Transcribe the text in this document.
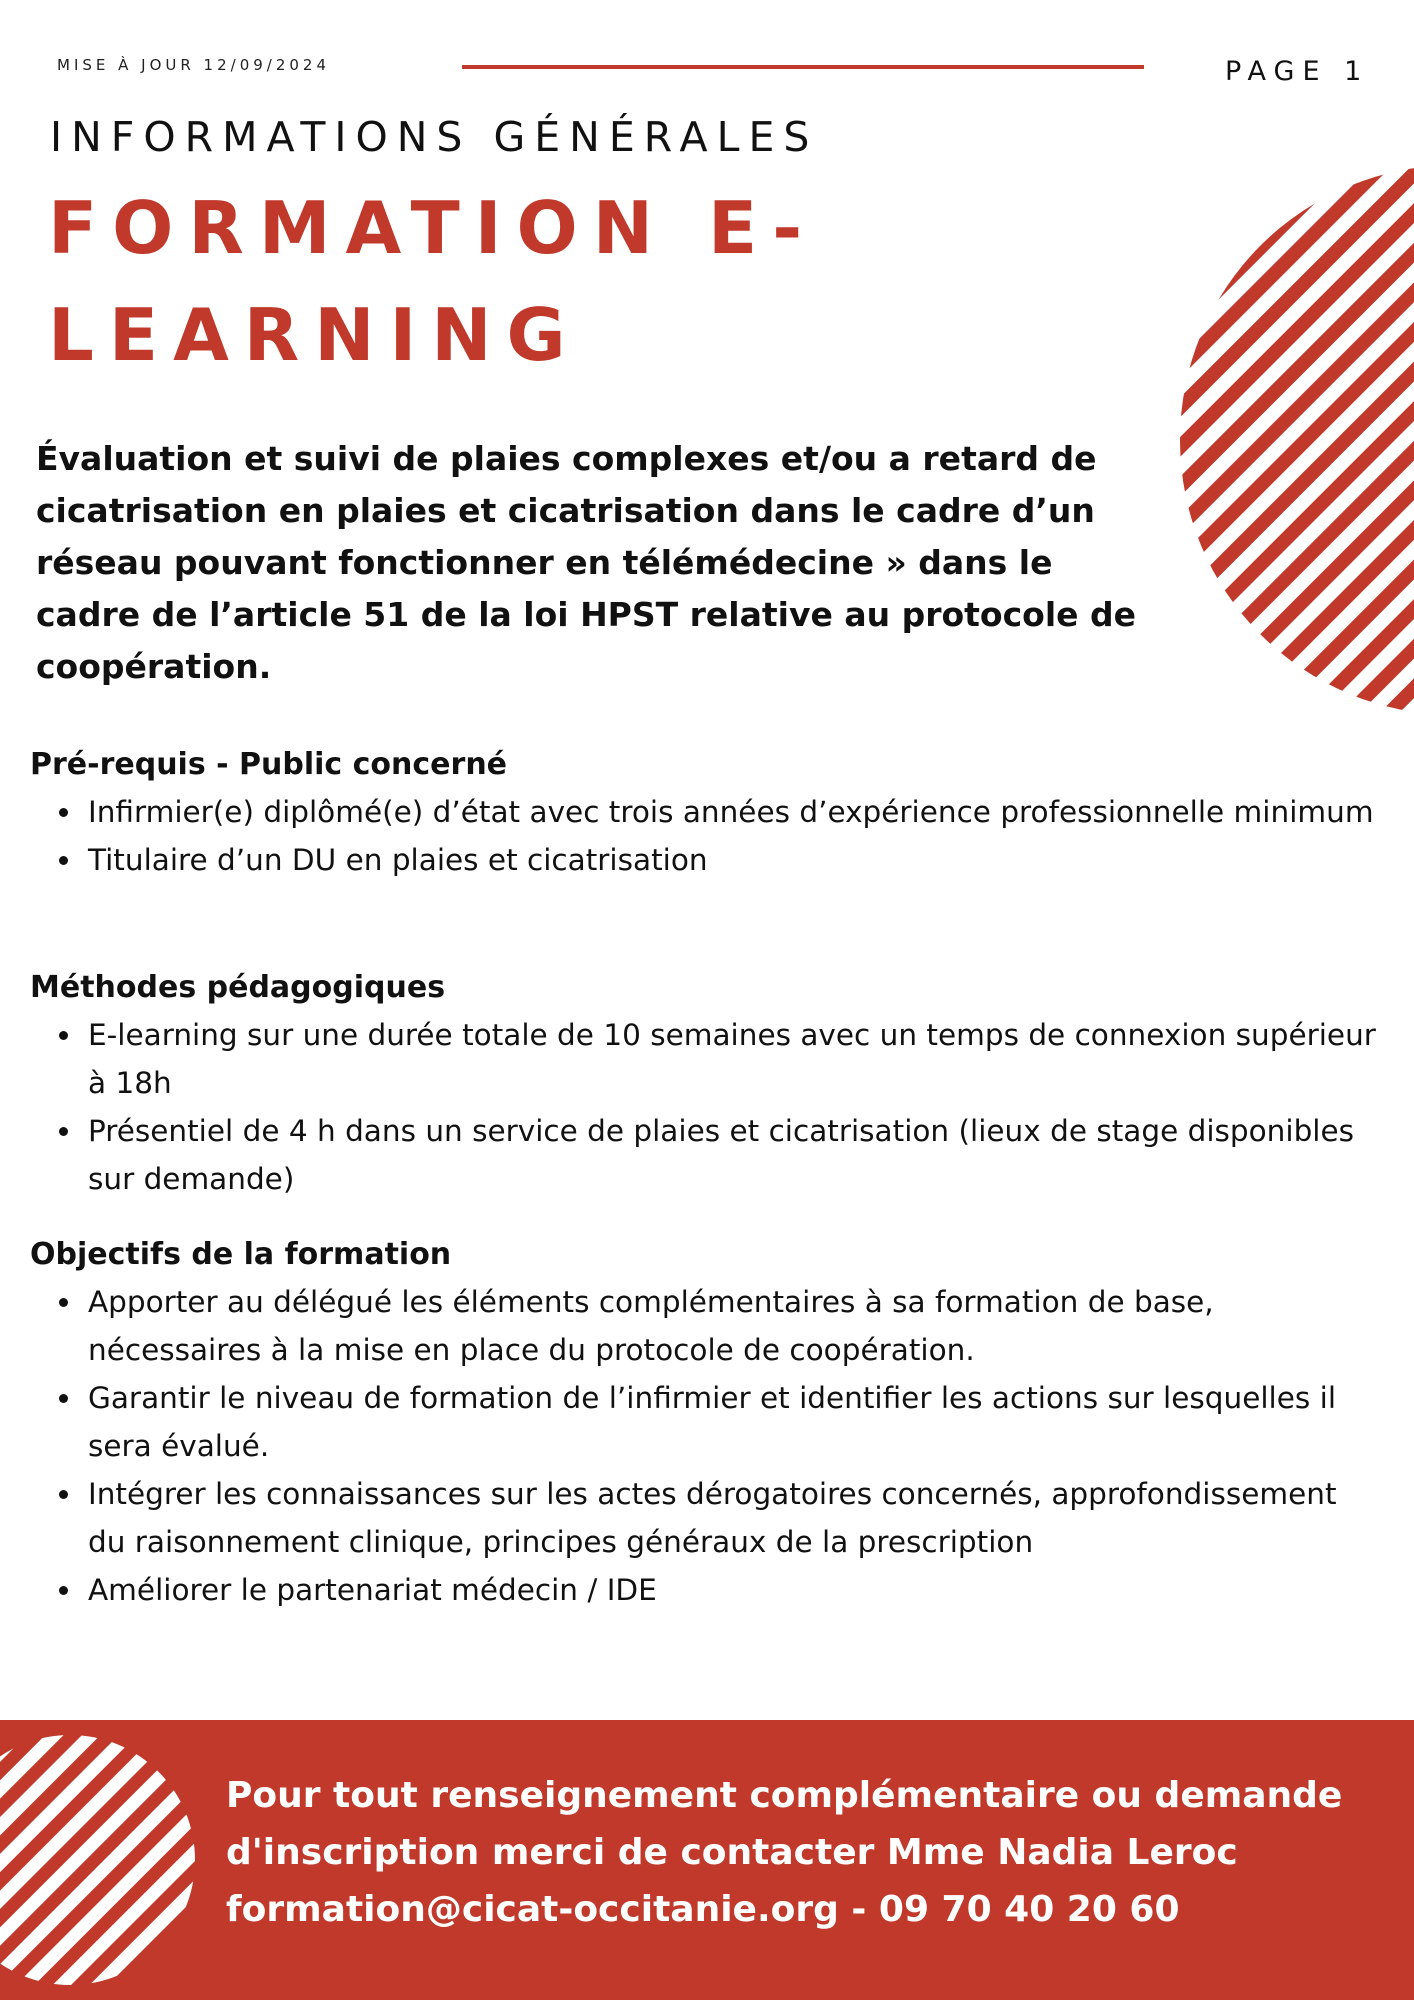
MISE À JOUR 12/09/2024	PAGE 1
INFORMATIONS GÉNÉRALES
FORMATION E-LEARNING

Évaluation et suivi de plaies complexes et/ou a retard de cicatrisation en plaies et cicatrisation dans le cadre d’un réseau pouvant fonctionner en télémédecine » dans le cadre de l’article 51 de la loi HPST relative au protocole de coopération.

Pré-requis - Public concerné
Infirmier(e) diplômé(e) d’état avec trois années d’expérience professionnelle minimum
Titulaire d’un DU en plaies et cicatrisation
Méthodes pédagogiques
E-learning sur une durée totale de 10 semaines avec un temps de connexion supérieur à 18h
Présentiel de 4 h dans un service de plaies et cicatrisation (lieux de stage disponibles sur demande)
Objectifs de la formation
Apporter au délégué les éléments complémentaires à sa formation de base, nécessaires à la mise en place du protocole de coopération.
Garantir le niveau de formation de l’infirmier et identifier les actions sur lesquelles il sera évalué.
Intégrer les connaissances sur les actes dérogatoires concernés, approfondissement du raisonnement clinique, principes généraux de la prescription
Améliorer le partenariat médecin / IDE

Pour tout renseignement complémentaire ou demande
d'inscription merci de contacter Mme Nadia Leroc
formation@cicat-occitanie.org - 09 70 40 20 60
